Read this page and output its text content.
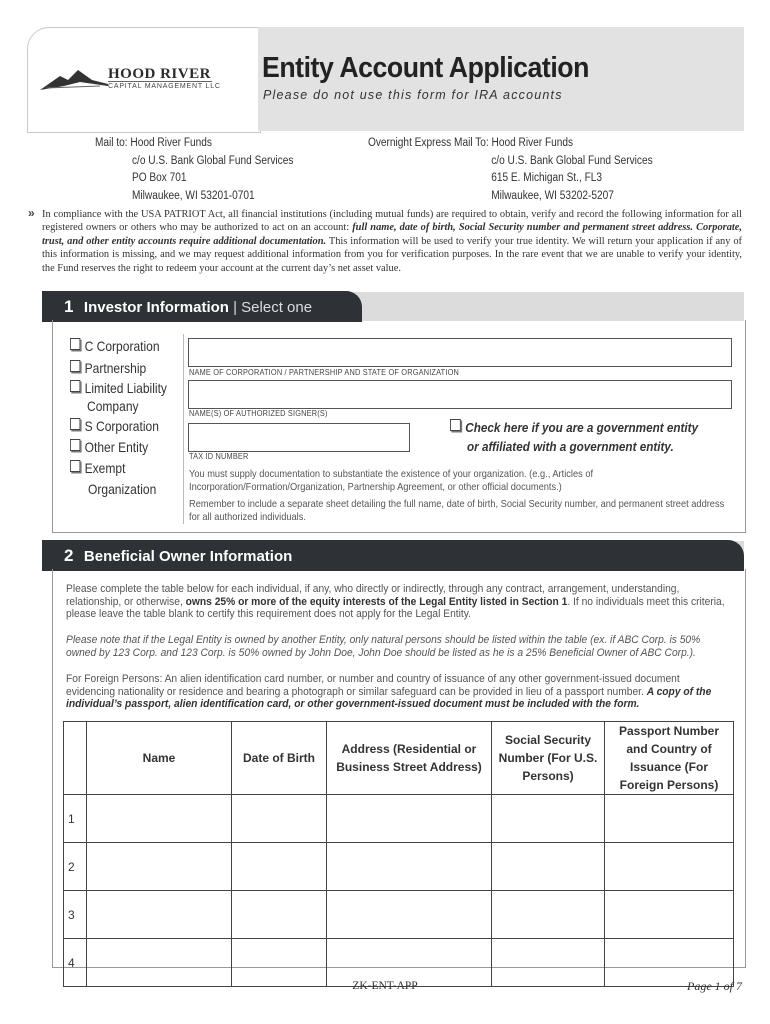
HOOD RIVER
CAPITAL MANAGEMENT LLC
Entity Account Application
Please do not use this form for IRA accounts
Mail to: Hood River Funds
c/o U.S. Bank Global Fund Services
PO Box 701
Milwaukee, WI 53201-0701
Overnight Express Mail To: Hood River Funds
c/o U.S. Bank Global Fund Services
615 E. Michigan St., FL3
Milwaukee, WI 53202-5207
» In compliance with the USA PATRIOT Act, all financial institutions (including mutual funds) are required to obtain, verify and record the following information for all registered owners or others who may be authorized to act on an account: full name, date of birth, Social Security number and permanent street address. Corporate, trust, and other entity accounts require additional documentation. This information will be used to verify your true identity. We will return your application if any of this information is missing, and we may request additional information from you for verification purposes. In the rare event that we are unable to verify your identity, the Fund reserves the right to redeem your account at the current day’s net asset value.
1 Investor Information | Select one
C Corporation
Partnership
Limited Liability
Company
S Corporation
Other Entity
Exempt
Organization
NAME OF CORPORATION / PARTNERSHIP AND STATE OF ORGANIZATION
NAME(S) OF AUTHORIZED SIGNER(S)
TAX ID NUMBER
Check here if you are a government entity
or affiliated with a government entity.
You must supply documentation to substantiate the existence of your organization. (e.g., Articles of Incorporation/Formation/Organization, Partnership Agreement, or other official documents.)
Remember to include a separate sheet detailing the full name, date of birth, Social Security number, and permanent street address for all authorized individuals.
2 Beneficial Owner Information
Please complete the table below for each individual, if any, who directly or indirectly, through any contract, arrangement, understanding, relationship, or otherwise, owns 25% or more of the equity interests of the Legal Entity listed in Section 1. If no individuals meet this criteria, please leave the table blank to certify this requirement does not apply for the Legal Entity.
Please note that if the Legal Entity is owned by another Entity, only natural persons should be listed within the table (ex. if ABC Corp. is 50% owned by 123 Corp. and 123 Corp. is 50% owned by John Doe, John Doe should be listed as he is a 25% Beneficial Owner of ABC Corp.).
For Foreign Persons: An alien identification card number, or number and country of issuance of any other government-issued document evidencing nationality or residence and bearing a photograph or similar safeguard can be provided in lieu of a passport number. A copy of the individual’s passport, alien identification card, or other government-issued document must be included with the form.
	Name	Date of Birth	Address (Residential or Business Street Address)	Social Security Number (For U.S. Persons)	Passport Number and Country of Issuance (For Foreign Persons)
1					
2					
3					
4					
ZK-ENT-APP	Page 1 of 7
